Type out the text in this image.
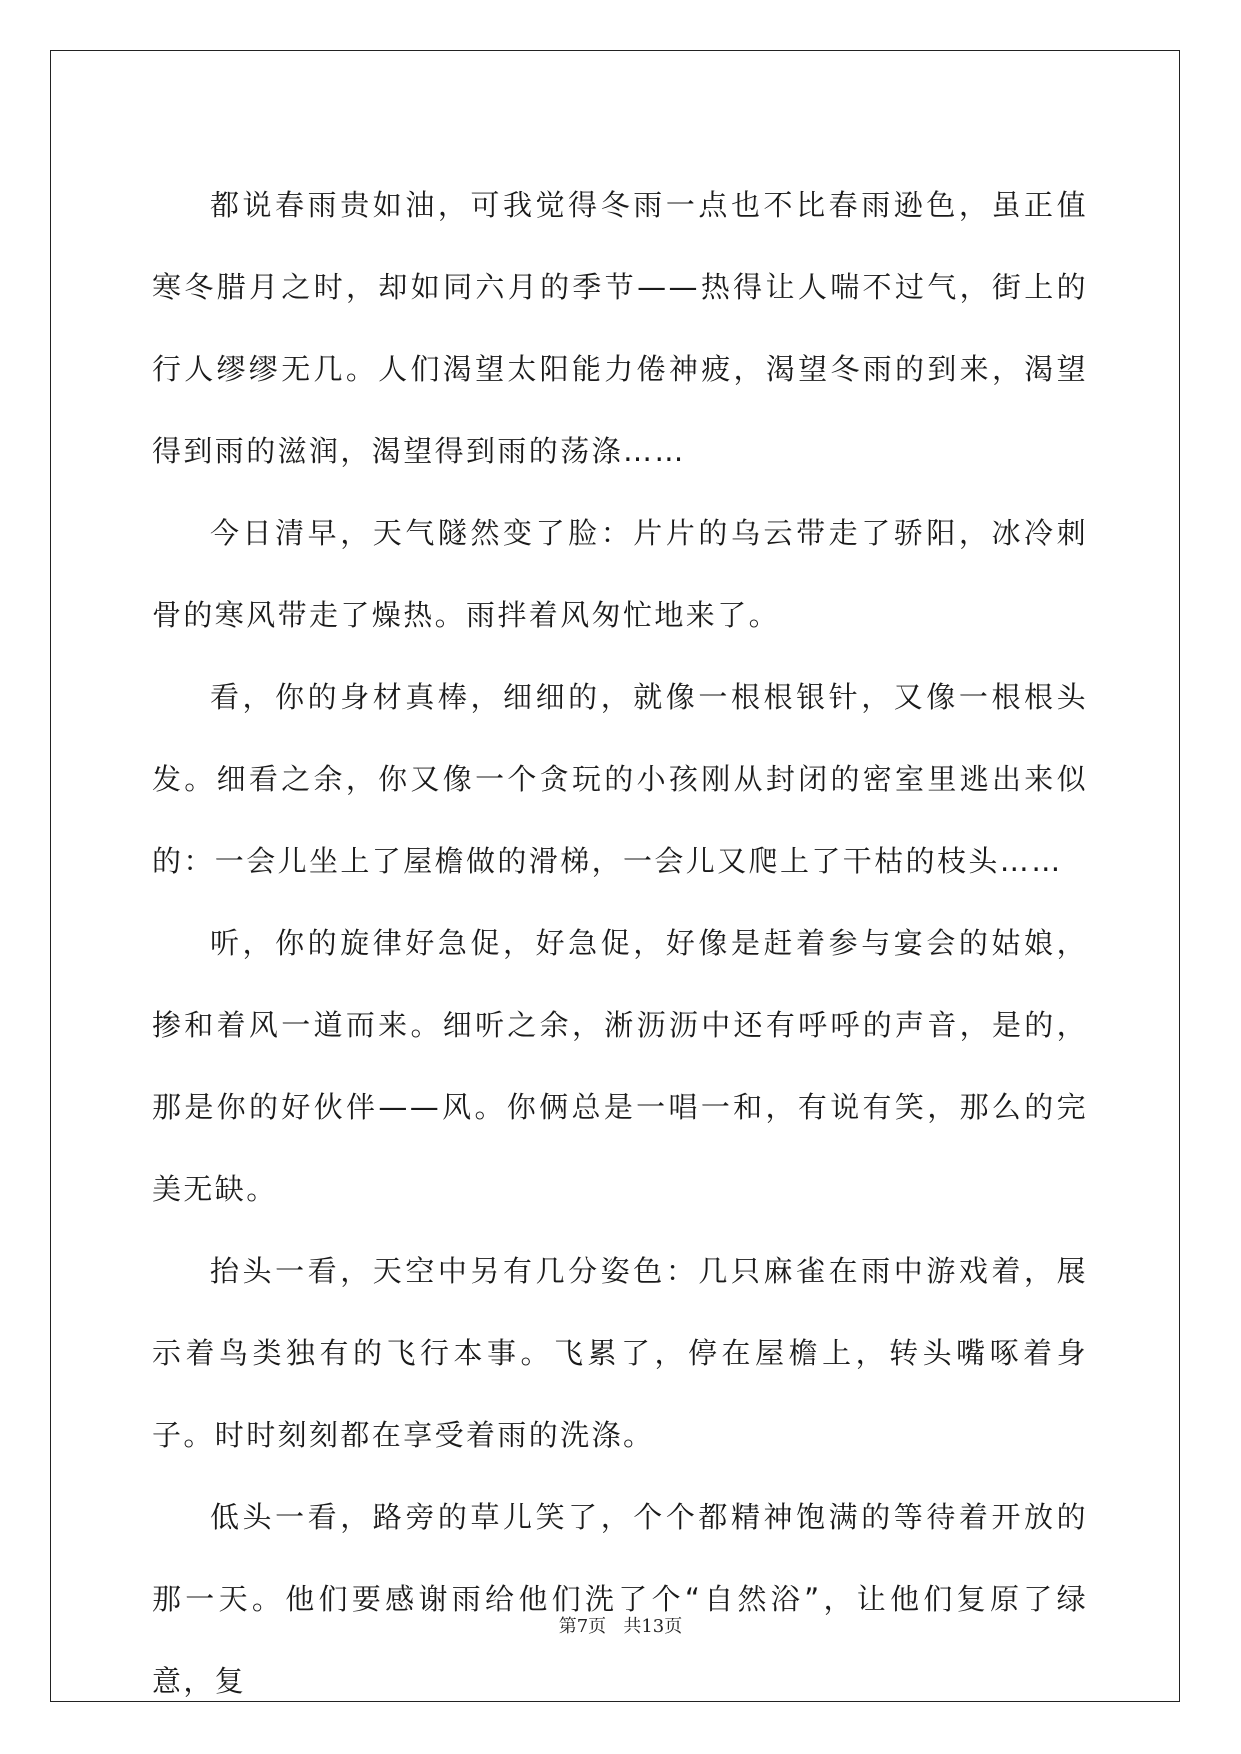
都说春雨贵如油，可我觉得冬雨一点也不比春雨逊色，虽正值寒冬腊月之时，却如同六月的季节——热得让人喘不过气，街上的行人缪缪无几。人们渴望太阳能力倦神疲，渴望冬雨的到来，渴望得到雨的滋润，渴望得到雨的荡涤……

今日清早，天气隧然变了脸：片片的乌云带走了骄阳，冰冷刺骨的寒风带走了燥热。雨拌着风匆忙地来了。

看，你的身材真棒，细细的，就像一根根银针，又像一根根头发。细看之余，你又像一个贪玩的小孩刚从封闭的密室里逃出来似的：一会儿坐上了屋檐做的滑梯，一会儿又爬上了干枯的枝头……

听，你的旋律好急促，好急促，好像是赶着参与宴会的姑娘，掺和着风一道而来。细听之余，淅沥沥中还有呼呼的声音，是的，那是你的好伙伴——风。你俩总是一唱一和，有说有笑，那么的完美无缺。

抬头一看，天空中另有几分姿色：几只麻雀在雨中游戏着，展示着鸟类独有的飞行本事。飞累了，停在屋檐上，转头嘴啄着身子。时时刻刻都在享受着雨的洗涤。

低头一看，路旁的草儿笑了，个个都精神饱满的等待着开放的那一天。他们要感谢雨给他们洗了个“自然浴”，让他们复原了绿意，复

第7页 共13页
